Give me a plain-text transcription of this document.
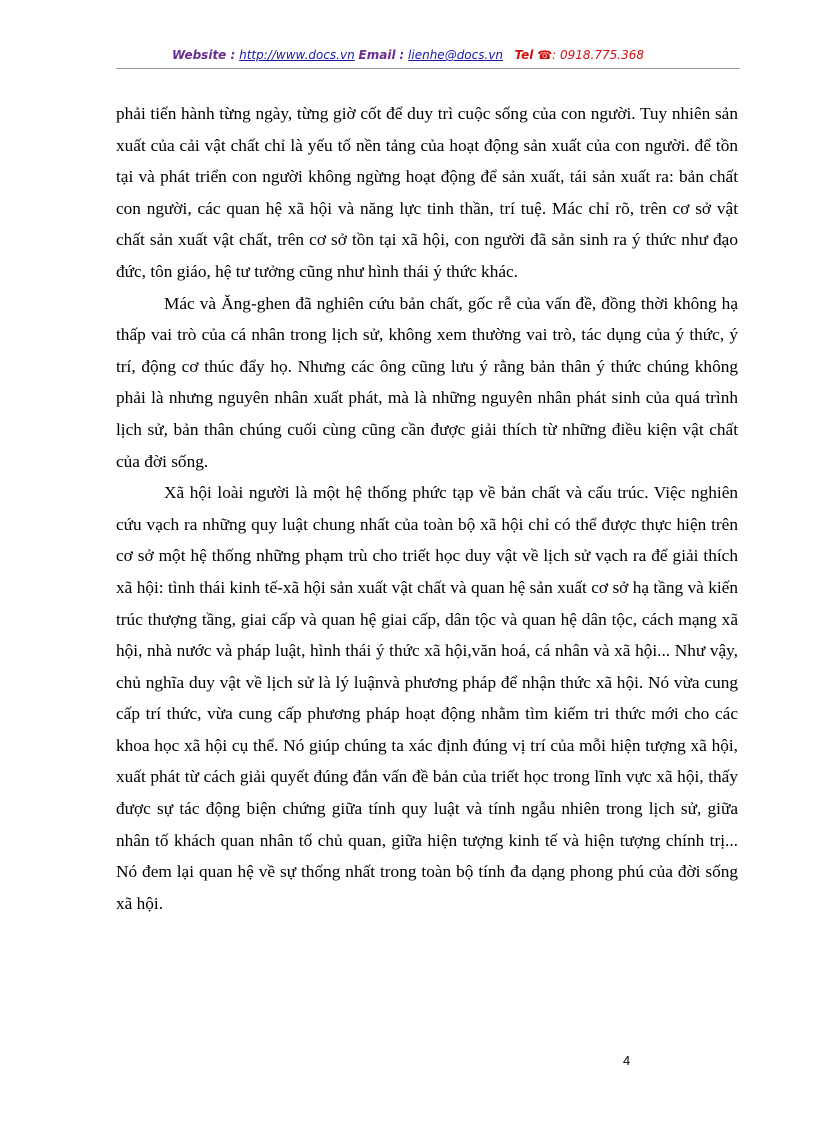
Website : http://www.docs.vn Email : lienhe@docs.vn Tel ☎: 0918.775.368

phải tiến hành từng ngày, từng giờ cốt để duy trì cuộc sống của con người. Tuy nhiên sản xuất của cải vật chất chỉ là yếu tố nền tảng của hoạt động sản xuất của con người. để tồn tại và phát triển con người không ngừng hoạt động để sản xuất, tái sản xuất ra: bản chất con người, các quan hệ xã hội và năng lực tinh thần, trí tuệ. Mác chỉ rõ, trên cơ sở vật chất sản xuất vật chất, trên cơ sở tồn tại xã hội, con người đã sản sinh ra ý thức như đạo đức, tôn giáo, hệ tư tưởng cũng như hình thái ý thức khác.

Mác và Ăng-ghen đã nghiên cứu bản chất, gốc rễ của vấn đề, đồng thời không hạ thấp vai trò của cá nhân trong lịch sử, không xem thường vai trò, tác dụng của ý thức, ý trí, động cơ thúc đẩy họ. Nhưng các ông cũng lưu ý rằng bản thân ý thức chúng không phải là nhưng nguyên nhân xuất phát, mà là những nguyên nhân phát sinh của quá trình lịch sử, bản thân chúng cuối cùng cũng cần được giải thích từ những điều kiện vật chất của đời sống.

Xã hội loài người là một hệ thống phức tạp về bản chất và cấu trúc. Việc nghiên cứu vạch ra những quy luật chung nhất của toàn bộ xã hội chỉ có thể được thực hiện trên cơ sở một hệ thống những phạm trù cho triết học duy vật về lịch sử vạch ra để giải thích xã hội: tình thái kinh tế-xã hội sản xuất vật chất và quan hệ sản xuất cơ sở hạ tầng và kiến trúc thượng tầng, giai cấp và quan hệ giai cấp, dân tộc và quan hệ dân tộc, cách mạng xã hội, nhà nước và pháp luật, hình thái ý thức xã hội,văn hoá, cá nhân và xã hội... Như vậy, chủ nghĩa duy vật về lịch sử là lý luậnvà phương pháp để nhận thức xã hội. Nó vừa cung cấp trí thức, vừa cung cấp phương pháp hoạt động nhằm tìm kiếm tri thức mới cho các khoa học xã hội cụ thể. Nó giúp chúng ta xác định đúng vị trí của mỗi hiện tượng xã hội, xuất phát từ cách giải quyết đúng đắn vấn đề bản của triết học trong lĩnh vực xã hội, thấy được sự tác động biện chứng giữa tính quy luật và tính ngẫu nhiên trong lịch sử, giữa nhân tố khách quan nhân tố chủ quan, giữa hiện tượng kinh tế và hiện tượng chính trị... Nó đem lại quan hệ về sự thống nhất trong toàn bộ tính đa dạng phong phú của đời sống xã hội.

4
